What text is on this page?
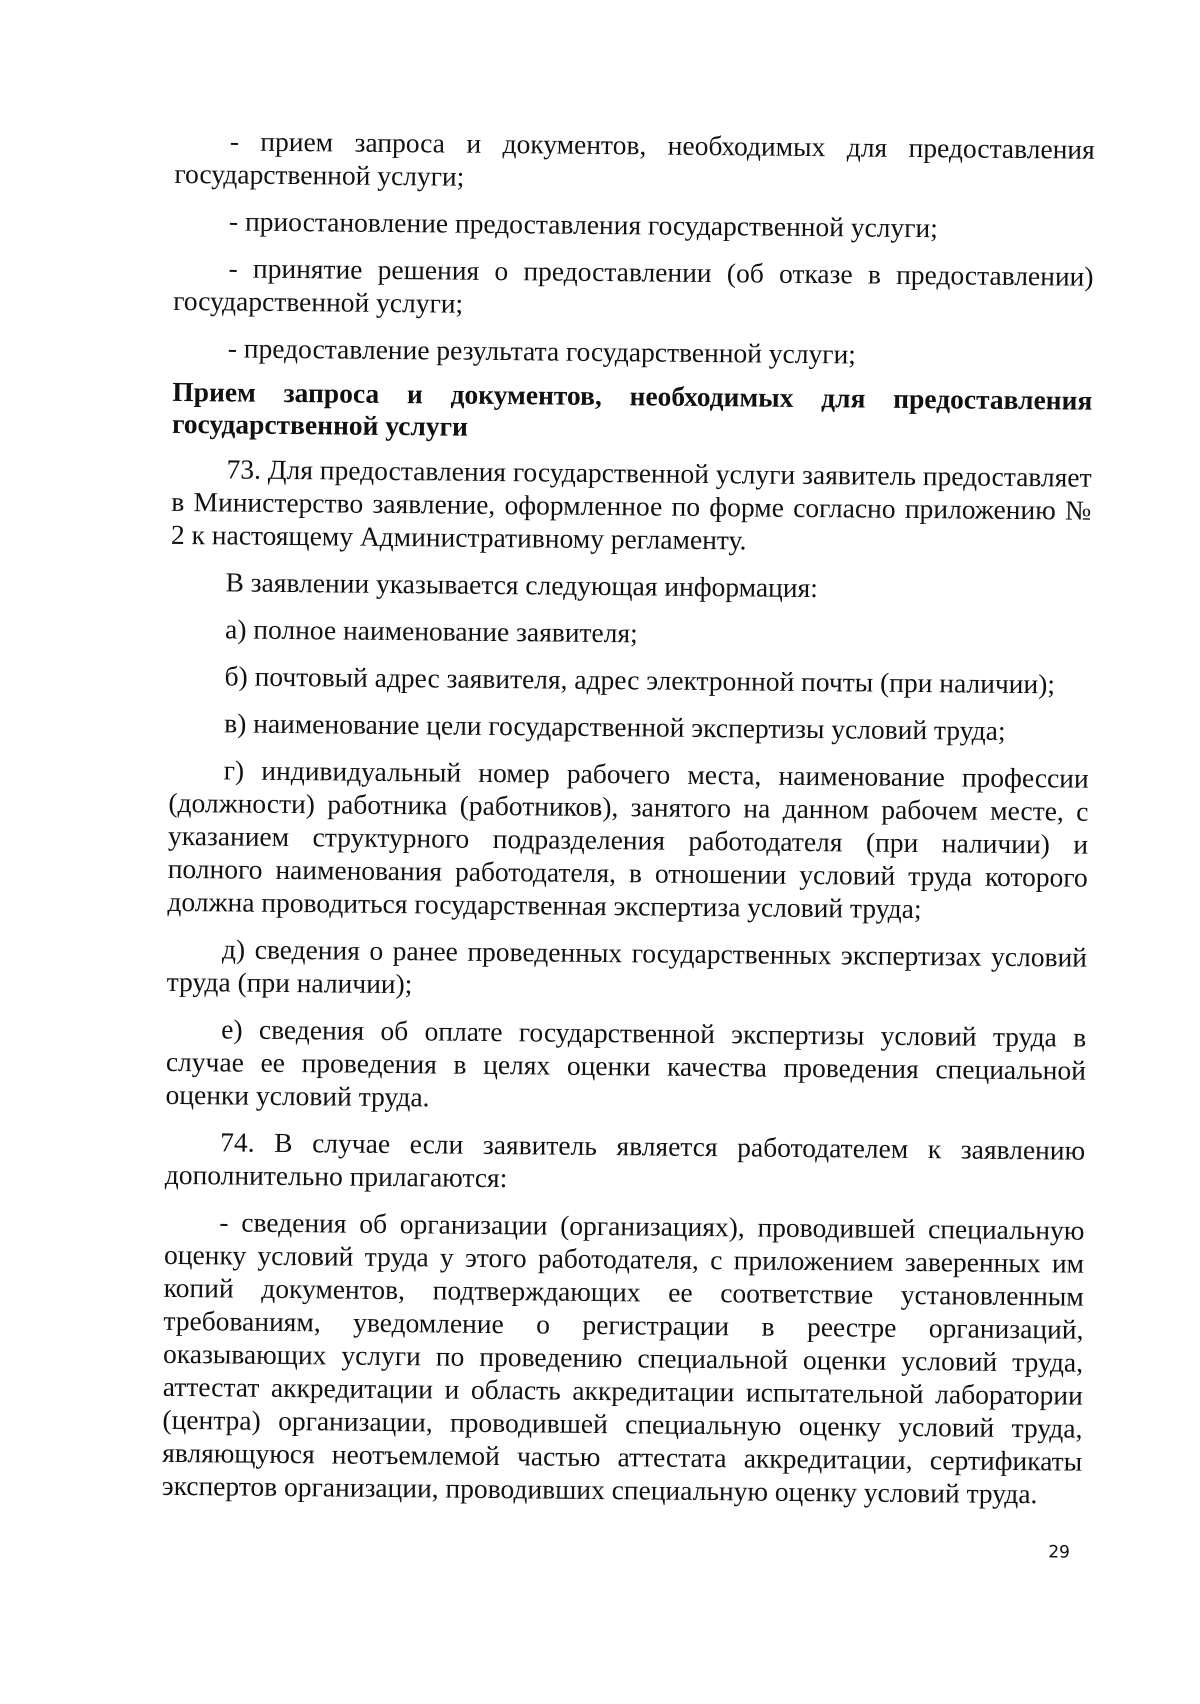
- прием запроса и документов, необходимых для предоставления государственной услуги;

- приостановление предоставления государственной услуги;

- принятие решения о предоставлении (об отказе в предоставлении) государственной услуги;

- предоставление результата государственной услуги;

Прием запроса и документов, необходимых для предоставления государственной услуги

73. Для предоставления государственной услуги заявитель предоставляет в Министерство заявление, оформленное по форме согласно приложению № 2 к настоящему Административному регламенту.

В заявлении указывается следующая информация:

а) полное наименование заявителя;

б) почтовый адрес заявителя, адрес электронной почты (при наличии);

в) наименование цели государственной экспертизы условий труда;

г) индивидуальный номер рабочего места, наименование профессии (должности) работника (работников), занятого на данном рабочем месте, с указанием структурного подразделения работодателя (при наличии) и полного наименования работодателя, в отношении условий труда которого должна проводиться государственная экспертиза условий труда;

д) сведения о ранее проведенных государственных экспертизах условий труда (при наличии);

е) сведения об оплате государственной экспертизы условий труда в случае ее проведения в целях оценки качества проведения специальной оценки условий труда.

74. В случае если заявитель является работодателем к заявлению дополнительно прилагаются:

- сведения об организации (организациях), проводившей специальную оценку условий труда у этого работодателя, с приложением заверенных им копий документов, подтверждающих ее соответствие установленным требованиям, уведомление о регистрации в реестре организаций, оказывающих услуги по проведению специальной оценки условий труда, аттестат аккредитации и область аккредитации испытательной лаборатории (центра) организации, проводившей специальную оценку условий труда, являющуюся неотъемлемой частью аттестата аккредитации, сертификаты экспертов организации, проводивших специальную оценку условий труда.

29
